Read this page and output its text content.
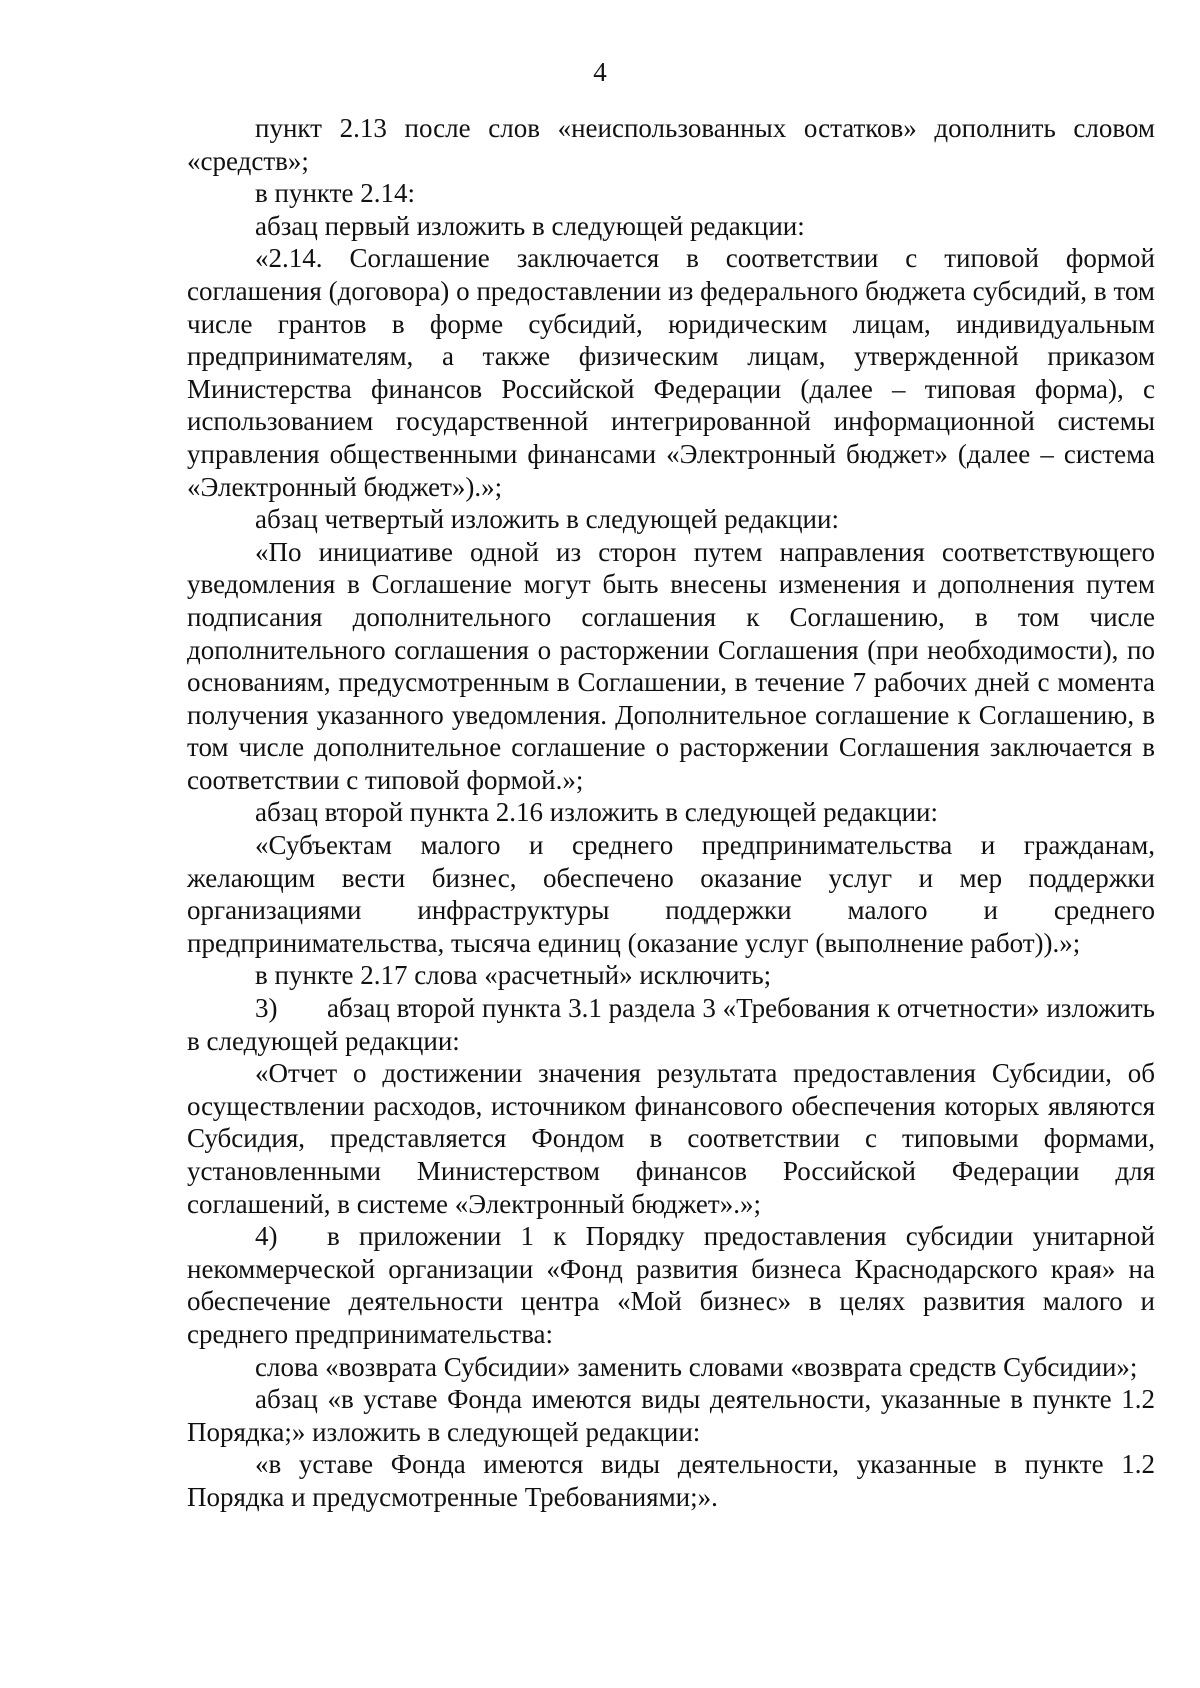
4

пункт 2.13 после слов «неиспользованных остатков» дополнить словом «средств»;

в пункте 2.14:

абзац первый изложить в следующей редакции:

«2.14. Соглашение заключается в соответствии с типовой формой соглашения (договора) о предоставлении из федерального бюджета субсидий, в том числе грантов в форме субсидий, юридическим лицам, индивидуальным предпринимателям, а также физическим лицам, утвержденной приказом Министерства финансов Российской Федерации (далее – типовая форма), с использованием государственной интегрированной информационной системы управления общественными финансами «Электронный бюджет» (далее – система «Электронный бюджет»).»;

абзац четвертый изложить в следующей редакции:

«По инициативе одной из сторон путем направления соответствующего уведомления в Соглашение могут быть внесены изменения и дополнения путем подписания дополнительного соглашения к Соглашению, в том числе дополнительного соглашения о расторжении Соглашения (при необходимости), по основаниям, предусмотренным в Соглашении, в течение 7 рабочих дней с момента получения указанного уведомления. Дополнительное соглашение к Соглашению, в том числе дополнительное соглашение о расторжении Соглашения заключается в соответствии с типовой формой.»;

абзац второй пункта 2.16 изложить в следующей редакции:

«Субъектам малого и среднего предпринимательства и гражданам, желающим вести бизнес, обеспечено оказание услуг и мер поддержки организациями инфраструктуры поддержки малого и среднего предпринимательства, тысяча единиц (оказание услуг (выполнение работ)).»;

в пункте 2.17 слова «расчетный» исключить;

3) абзац второй пункта 3.1 раздела 3 «Требования к отчетности» изложить в следующей редакции:

«Отчет о достижении значения результата предоставления Субсидии, об осуществлении расходов, источником финансового обеспечения которых являются Субсидия, представляется Фондом в соответствии с типовыми формами, установленными Министерством финансов Российской Федерации для соглашений, в системе «Электронный бюджет».»;

4) в приложении 1 к Порядку предоставления субсидии унитарной некоммерческой организации «Фонд развития бизнеса Краснодарского края» на обеспечение деятельности центра «Мой бизнес» в целях развития малого и среднего предпринимательства:

слова «возврата Субсидии» заменить словами «возврата средств Субсидии»;

абзац «в уставе Фонда имеются виды деятельности, указанные в пункте 1.2 Порядка;» изложить в следующей редакции:

«в уставе Фонда имеются виды деятельности, указанные в пункте 1.2 Порядка и предусмотренные Требованиями;».
